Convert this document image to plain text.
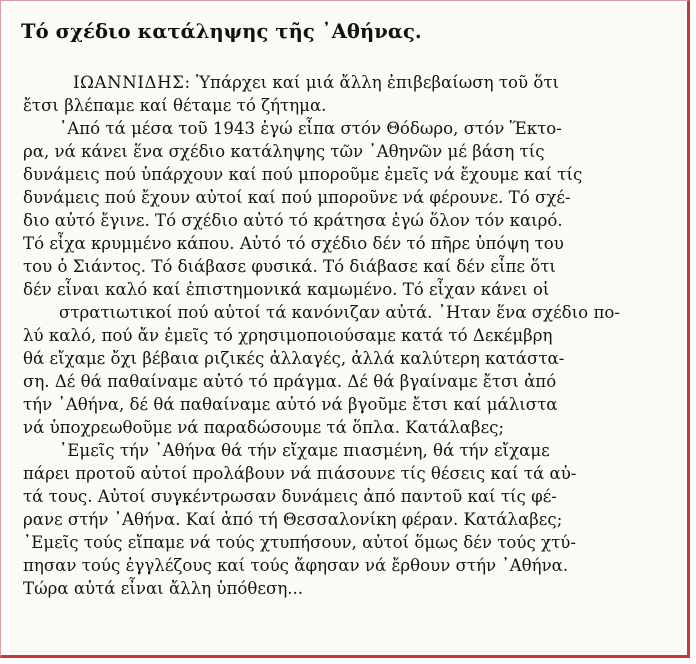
Τό σχέδιο κατάληψης τῆς ᾿Αθήνας.
ΙΩΑΝΝΙΔΗΣ: Ὑπάρχει καί μιά ἄλλη ἐπιβεβαίωση τοῦ ὅτι
ἔτσι βλέπαμε καί θέταμε τό ζήτημα.
᾿Από τά μέσα τοῦ 1943 ἐγώ εἶπα στόν Θόδωρο, στόν Ἕκτο-
ρα, νά κάνει ἕνα σχέδιο κατάληψης τῶν ᾿Αθηνῶν μέ βάση τίς
δυνάμεις πού ὑπάρχουν καί πού μποροῦμε ἐμεῖς νά ἔχουμε καί τίς
δυνάμεις πού ἔχουν αὐτοί καί πού μποροῦνε νά φέρουνε. Τό σχέ-
διο αὐτό ἔγινε. Τό σχέδιο αὐτό τό κράτησα ἐγώ ὅλον τόν καιρό.
Τό εἶχα κρυμμένο κάπου. Αὐτό τό σχέδιο δέν τό πῆρε ὑπόψη του
του ὁ Σιάντος. Τό διάβασε φυσικά. Τό διάβασε καί δέν εἶπε ὅτι
δέν εἶναι καλό καί ἐπιστημονικά καμωμένο. Τό εἶχαν κάνει οἱ
στρατιωτικοί πού αὐτοί τά κανόνιζαν αὐτά. ᾿Ηταν ἕνα σχέδιο πο-
λύ καλό, πού ἄν ἐμεῖς τό χρησιμοποιούσαμε κατά τό Δεκέμβρη
θά εἴχαμε ὄχι βέβαια ριζικές ἀλλαγές, ἀλλά καλύτερη κατάστα-
ση. Δέ θά παθαίναμε αὐτό τό πράγμα. Δέ θά βγαίναμε ἔτσι ἀπό
τήν ᾿Αθήνα, δέ θά παθαίναμε αὐτό νά βγοῦμε ἔτσι καί μάλιστα
νά ὑποχρεωθοῦμε νά παραδώσουμε τά ὅπλα. Κατάλαβες;
᾿Εμεῖς τήν ᾿Αθήνα θά τήν εἴχαμε πιασμένη, θά τήν εἴχαμε
πάρει προτοῦ αὐτοί προλάβουν νά πιάσουνε τίς θέσεις καί τά αὐ-
τά τους. Αὐτοί συγκέντρωσαν δυνάμεις ἀπό παντοῦ καί τίς φέ-
ρανε στήν ᾿Αθήνα. Καί ἀπό τή Θεσσαλονίκη φέραν. Κατάλαβες;
᾿Εμεῖς τούς εἴπαμε νά τούς χτυπήσουν, αὐτοί ὅμως δέν τούς χτύ-
πησαν τούς ἐγγλέζους καί τούς ἄφησαν νά ἔρθουν στήν ᾿Αθήνα.
Τώρα αὐτά εἶναι ἄλλη ὑπόθεση...
